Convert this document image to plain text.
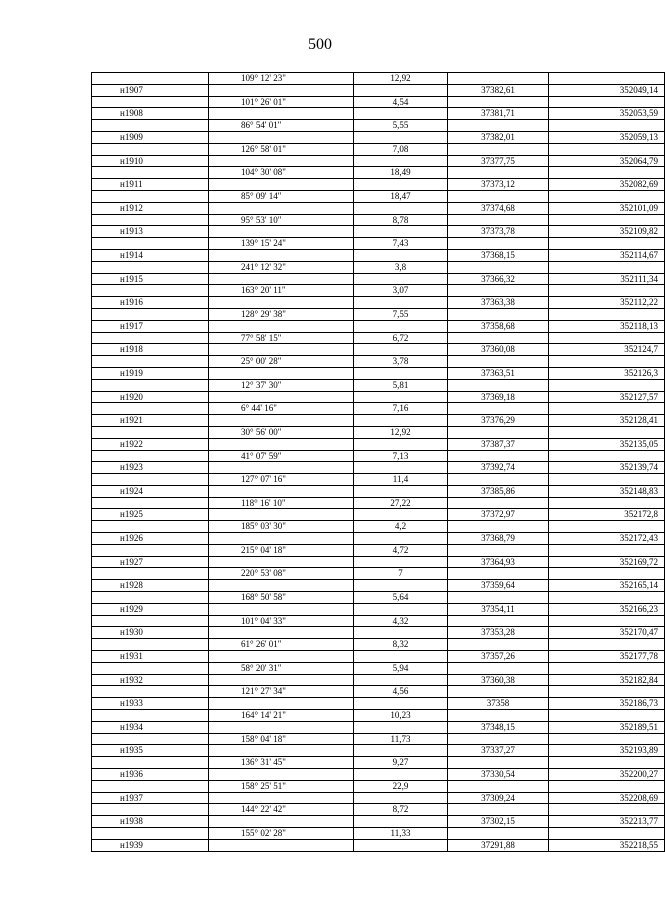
500
	109° 12' 23"	12,92		
н1907			37382,61	352049,14
	101° 26' 01"	4,54		
н1908			37381,71	352053,59
	86° 54' 01"	5,55		
н1909			37382,01	352059,13
	126° 58' 01"	7,08		
н1910			37377,75	352064,79
	104° 30' 08"	18,49		
н1911			37373,12	352082,69
	85° 09' 14"	18,47		
н1912			37374,68	352101,09
	95° 53' 10"	8,78		
н1913			37373,78	352109,82
	139° 15' 24"	7,43		
н1914			37368,15	352114,67
	241° 12' 32"	3,8		
н1915			37366,32	352111,34
	163° 20' 11"	3,07		
н1916			37363,38	352112,22
	128° 29' 38"	7,55		
н1917			37358,68	352118,13
	77° 58' 15"	6,72		
н1918			37360,08	352124,7
	25° 00' 28"	3,78		
н1919			37363,51	352126,3
	12° 37' 30"	5,81		
н1920			37369,18	352127,57
	6° 44' 16"	7,16		
н1921			37376,29	352128,41
	30° 56' 00"	12,92		
н1922			37387,37	352135,05
	41° 07' 59"	7,13		
н1923			37392,74	352139,74
	127° 07' 16"	11,4		
н1924			37385,86	352148,83
	118° 16' 10"	27,22		
н1925			37372,97	352172,8
	185° 03' 30"	4,2		
н1926			37368,79	352172,43
	215° 04' 18"	4,72		
н1927			37364,93	352169,72
	220° 53' 08"	7		
н1928			37359,64	352165,14
	168° 50' 58"	5,64		
н1929			37354,11	352166,23
	101° 04' 33"	4,32		
н1930			37353,28	352170,47
	61° 26' 01"	8,32		
н1931			37357,26	352177,78
	58° 20' 31"	5,94		
н1932			37360,38	352182,84
	121° 27' 34"	4,56		
н1933			37358	352186,73
	164° 14' 21"	10,23		
н1934			37348,15	352189,51
	158° 04' 18"	11,73		
н1935			37337,27	352193,89
	136° 31' 45"	9,27		
н1936			37330,54	352200,27
	158° 25' 51"	22,9		
н1937			37309,24	352208,69
	144° 22' 42"	8,72		
н1938			37302,15	352213,77
	155° 02' 28"	11,33		
н1939			37291,88	352218,55
